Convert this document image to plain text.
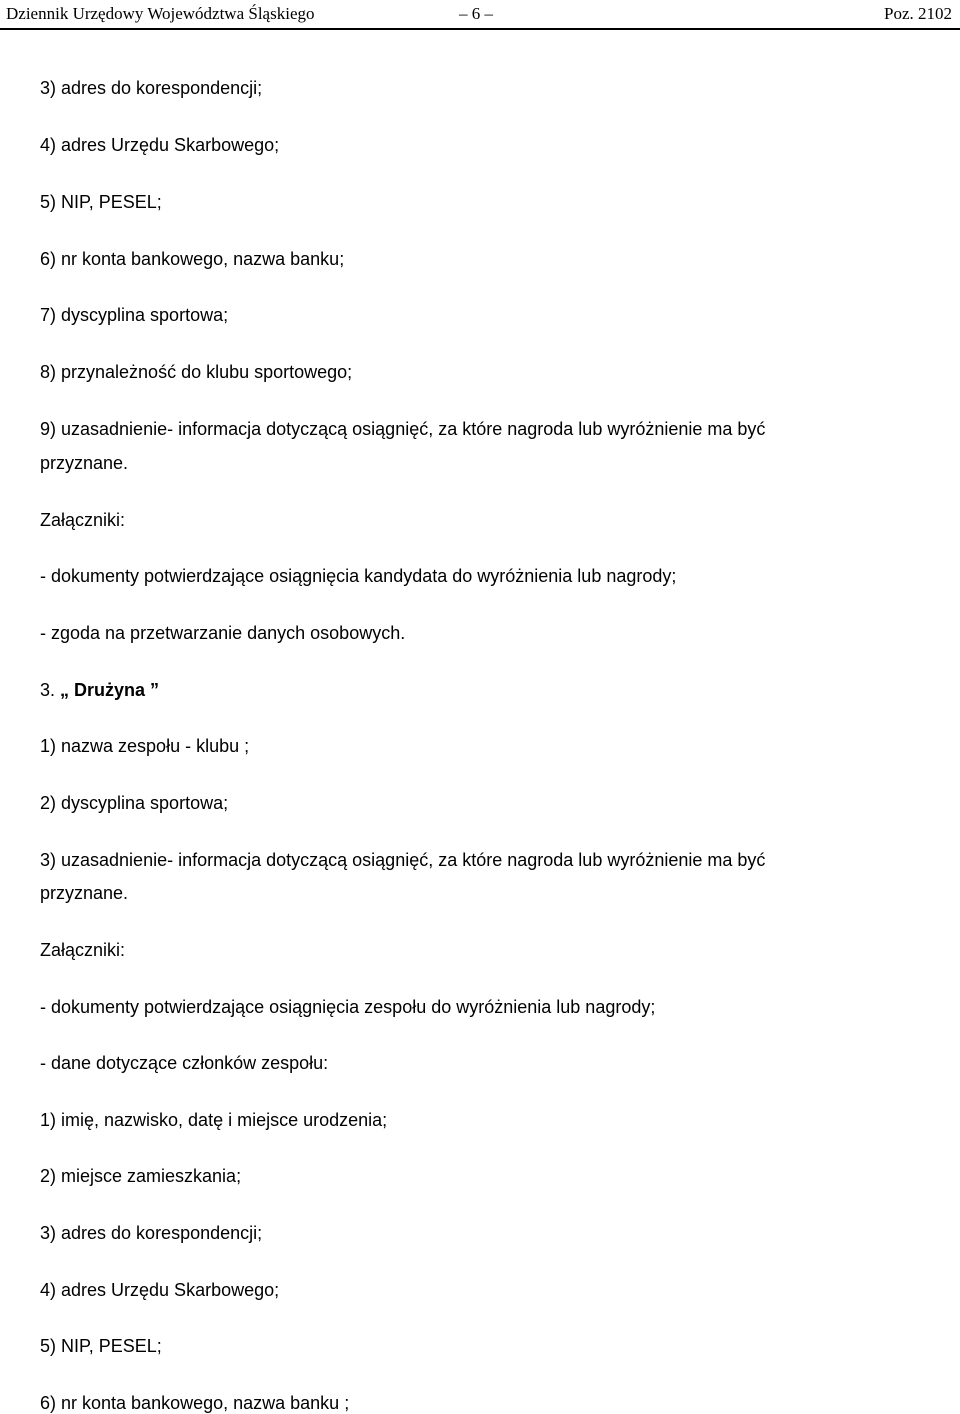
Dziennik Urzędowy Województwa Śląskiego	– 6 –	Poz. 2102
3) adres do korespondencji;
4) adres Urzędu Skarbowego;
5) NIP, PESEL;
6) nr konta bankowego, nazwa banku;
7) dyscyplina sportowa;
8) przynależność do klubu sportowego;
9) uzasadnienie- informacja dotyczącą osiągnięć, za które nagroda lub wyróżnienie ma być
przyznane.
Załączniki:
- dokumenty potwierdzające osiągnięcia kandydata do wyróżnienia lub nagrody;
- zgoda na przetwarzanie danych osobowych.
3. „ Drużyna ”
1) nazwa zespołu - klubu ;
2) dyscyplina sportowa;
3) uzasadnienie- informacja dotyczącą osiągnięć, za które nagroda lub wyróżnienie ma być
przyznane.
Załączniki:
- dokumenty potwierdzające osiągnięcia zespołu do wyróżnienia lub nagrody;
- dane dotyczące członków zespołu:
1) imię, nazwisko, datę i miejsce urodzenia;
2) miejsce zamieszkania;
3) adres do korespondencji;
4) adres Urzędu Skarbowego;
5) NIP, PESEL;
6) nr konta bankowego, nazwa banku ;
